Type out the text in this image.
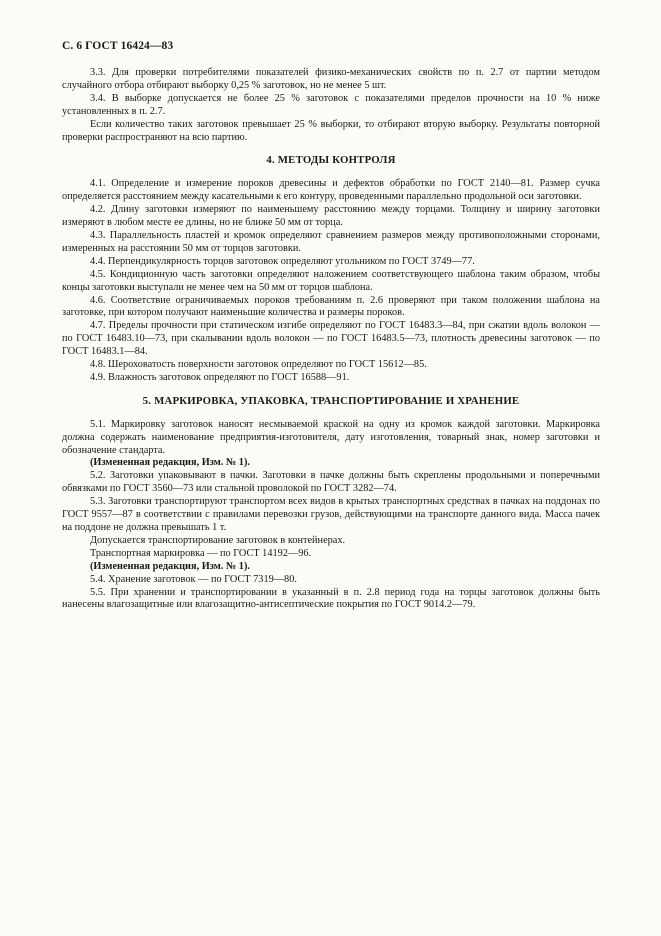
С. 6 ГОСТ 16424—83

3.3. Для проверки потребителями показателей физико-механических свойств по п. 2.7 от партии методом случайного отбора отбирают выборку 0,25 % заготовок, но не менее 5 шт.

3.4. В выборке допускается не более 25 % заготовок с показателями пределов прочности на 10 % ниже установленных в п. 2.7.

Если количество таких заготовок превышает 25 % выборки, то отбирают вторую выборку. Результаты повторной проверки распространяют на всю партию.

4. МЕТОДЫ КОНТРОЛЯ

4.1. Определение и измерение пороков древесины и дефектов обработки по ГОСТ 2140—81. Размер сучка определяется расстоянием между касательными к его контуру, проведенными параллельно продольной оси заготовки.

4.2. Длину заготовки измеряют по наименьшему расстоянию между торцами. Толщину и ширину заготовки измеряют в любом месте ее длины, но не ближе 50 мм от торца.

4.3. Параллельность пластей и кромок определяют сравнением размеров между противоположными сторонами, измеренных на расстоянии 50 мм от торцов заготовки.

4.4. Перпендикулярность торцов заготовок определяют угольником по ГОСТ 3749—77.

4.5. Кондиционную часть заготовки определяют наложением соответствующего шаблона таким образом, чтобы концы заготовки выступали не менее чем на 50 мм от торцов шаблона.

4.6. Соответствие ограничиваемых пороков требованиям п. 2.6 проверяют при таком положении шаблона на заготовке, при котором получают наименьшие количества и размеры пороков.

4.7. Пределы прочности при статическом изгибе определяют по ГОСТ 16483.3—84, при сжатии вдоль волокон — по ГОСТ 16483.10—73, при скалывании вдоль волокон — по ГОСТ 16483.5—73, плотность древесины заготовок — по ГОСТ 16483.1—84.

4.8. Шероховатость поверхности заготовок определяют по ГОСТ 15612—85.

4.9. Влажность заготовок определяют по ГОСТ 16588—91.

5. МАРКИРОВКА, УПАКОВКА, ТРАНСПОРТИРОВАНИЕ И ХРАНЕНИЕ

5.1. Маркировку заготовок наносят несмываемой краской на одну из кромок каждой заготовки. Маркировка должна содержать наименование предприятия-изготовителя, дату изготовления, товарный знак, номер заготовки и обозначение стандарта.

(Измененная редакция, Изм. № 1).

5.2. Заготовки упаковывают в пачки. Заготовки в пачке должны быть скреплены продольными и поперечными обвязками по ГОСТ 3560—73 или стальной проволокой по ГОСТ 3282—74.

5.3. Заготовки транспортируют транспортом всех видов в крытых транспортных средствах в пачках на поддонах по ГОСТ 9557—87 в соответствии с правилами перевозки грузов, действующими на транспорте данного вида. Масса пачек на поддоне не должна превышать 1 т.

Допускается транспортирование заготовок в контейнерах.

Транспортная маркировка — по ГОСТ 14192—96.

(Измененная редакция, Изм. № 1).

5.4. Хранение заготовок — по ГОСТ 7319—80.

5.5. При хранении и транспортировании в указанный в п. 2.8 период года на торцы заготовок должны быть нанесены влагозащитные или влагозащитно-антисептические покрытия по ГОСТ 9014.2—79.
